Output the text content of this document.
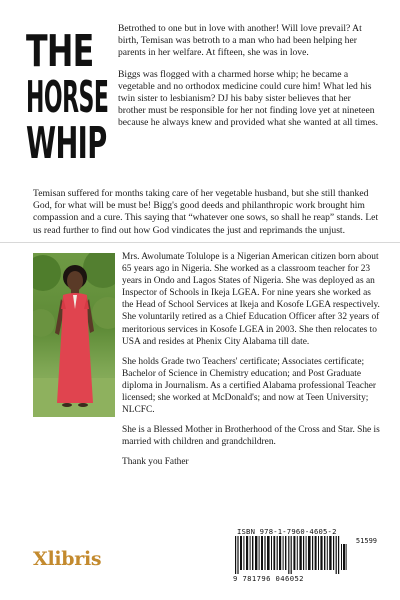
THE
HORSE
WHIP

Betrothed to one but in love with another! Will love prevail? At birth, Temisan was betroth to a man who had been helping her parents in her welfare. At fifteen, she was in love.

Biggs was flogged with a charmed horse whip; he became a vegetable and no orthodox medicine could cure him! What led his twin sister to lesbianism? DJ his baby sister believes that her brother must be responsible for her not finding love yet at nineteen because he always knew and provided what she wanted at all times.

Temisan suffered for months taking care of her vegetable husband, but she still thanked God, for what will be must be! Bigg's good deeds and philanthropic work brought him compassion and a cure. This saying that “whatever one sows, so shall he reap” stands. Let us read further to find out how God vindicates the just and reprimands the unjust.

Mrs. Awolumate Tolulope is a Nigerian American citizen born about 65 years ago in Nigeria. She worked as a classroom teacher for 23 years in Ondo and Lagos States of Nigeria. She was deployed as an Inspector of Schools in Ikeja LGEA. For nine years she worked as the Head of School Services at Ikeja and Kosofe LGEA respectively. She voluntarily retired as a Chief Education Officer after 32 years of meritorious services in Kosofe LGEA in 2003. She then relocates to USA and resides at Phenix City Alabama till date.

She holds Grade two Teachers' certificate; Associates certificate; Bachelor of Science in Chemistry education; and Post Graduate diploma in Journalism. As a certified Alabama professional Teacher licensed; she worked at McDonald's; and now at Teen University; NLCFC.

She is a Blessed Mother in Brotherhood of the Cross and Star. She is married with children and grandchildren.

Thank you Father

Xlibris
ISBN 978-1-7960-4605-2
51599
9 781796 046052
